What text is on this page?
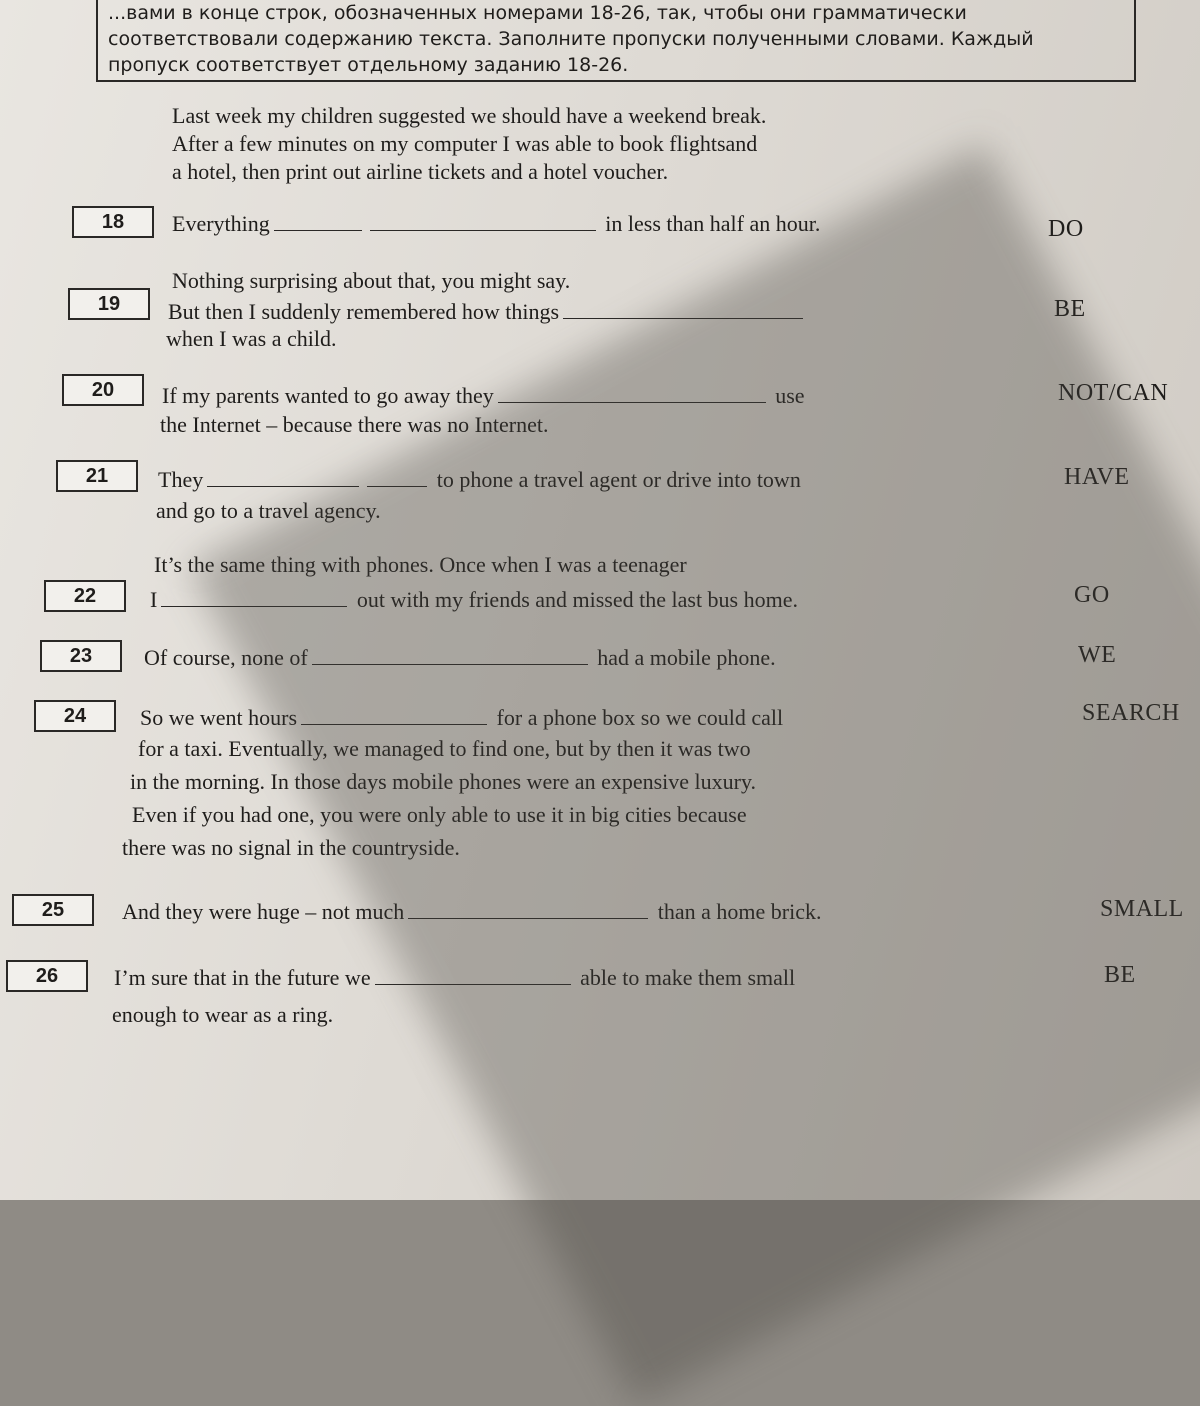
...вами в конце строк, обозначенных номерами 18-26, так, чтобы они грамматически
соответствовали содержанию текста. Заполните пропуски полученными словами. Каждый
пропуск соответствует отдельному заданию 18-26.
Last week my children suggested we should have a weekend break.
After a few minutes on my computer I was able to book flightsand
a hotel, then print out airline tickets and a hotel voucher.
18	Everything	in less than half an hour.	DO
Nothing surprising about that, you might say.
19	But then I suddenly remembered how things
when I was a child.
BE
20	If my parents wanted to go away they	use
the Internet – because there was no Internet.
NOT/CAN
21	They	to phone a travel agent or drive into town
and go to a travel agency.
HAVE
It’s the same thing with phones. Once when I was a teenager
22	I	out with my friends and missed the last bus home.	GO
23	Of course, none of	had a mobile phone.	WE
24	So we went hours	for a phone box so we could call
for a taxi. Eventually, we managed to find one, but by then it was two
in the morning. In those days mobile phones were an expensive luxury.
Even if you had one, you were only able to use it in big cities because
there was no signal in the countryside.
SEARCH
25	And they were huge – not much	than a home brick.	SMALL
26	I’m sure that in the future we	able to make them small
enough to wear as a ring.
BE
